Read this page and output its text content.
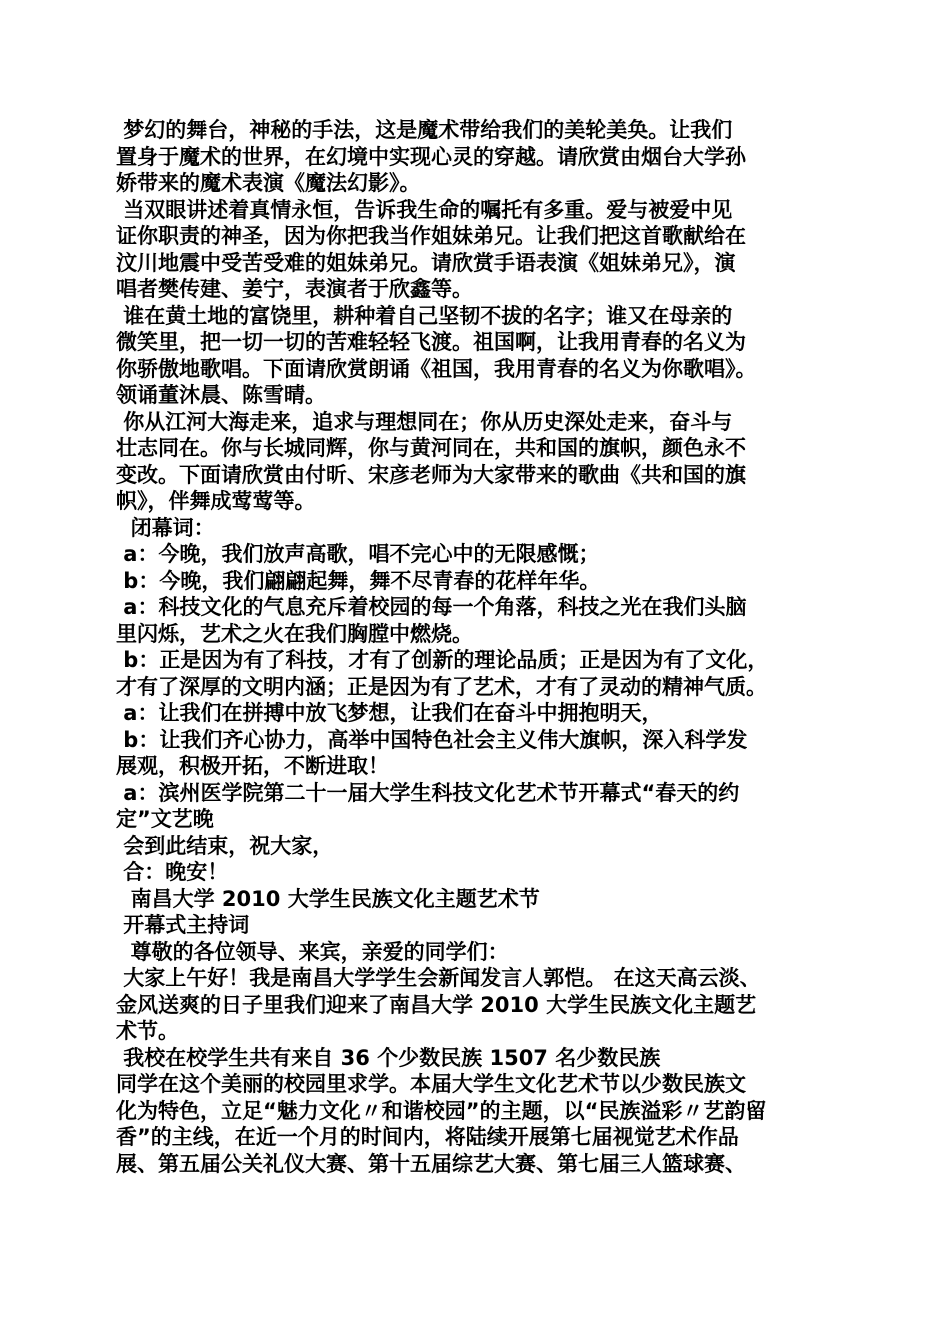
梦幻的舞台，神秘的手法，这是魔术带给我们的美轮美奂。让我们
置身于魔术的世界，在幻境中实现心灵的穿越。请欣赏由烟台大学孙
娇带来的魔术表演《魔法幻影》。
当双眼讲述着真情永恒，告诉我生命的嘱托有多重。爱与被爱中见
证你职责的神圣，因为你把我当作姐妹弟兄。让我们把这首歌献给在
汶川地震中受苦受难的姐妹弟兄。请欣赏手语表演《姐妹弟兄》，演
唱者樊传建、姜宁，表演者于欣鑫等。
谁在黄土地的富饶里，耕种着自己坚韧不拔的名字；谁又在母亲的
微笑里，把一切一切的苦难轻轻飞渡。祖国啊，让我用青春的名义为
你骄傲地歌唱。下面请欣赏朗诵《祖国，我用青春的名义为你歌唱》。
领诵董沐晨、陈雪晴。
你从江河大海走来，追求与理想同在；你从历史深处走来，奋斗与
壮志同在。你与长城同辉，你与黄河同在，共和国的旗帜，颜色永不
变改。下面请欣赏由付昕、宋彦老师为大家带来的歌曲《共和国的旗
帜》，伴舞成莺莺等。
闭幕词：
a：今晚，我们放声高歌，唱不完心中的无限感慨；
b：今晚，我们翩翩起舞，舞不尽青春的花样年华。
a：科技文化的气息充斥着校园的每一个角落，科技之光在我们头脑
里闪烁，艺术之火在我们胸膛中燃烧。
b：正是因为有了科技，才有了创新的理论品质；正是因为有了文化，
才有了深厚的文明内涵；正是因为有了艺术，才有了灵动的精神气质。
a：让我们在拼搏中放飞梦想，让我们在奋斗中拥抱明天，
b：让我们齐心协力，高举中国特色社会主义伟大旗帜，深入科学发
展观，积极开拓，不断进取！
a：滨州医学院第二十一届大学生科技文化艺术节开幕式“春天的约
定”文艺晚
会到此结束，祝大家，
合：晚安！
南昌大学 2010 大学生民族文化主题艺术节
开幕式主持词
尊敬的各位领导、来宾，亲爱的同学们：
大家上午好！我是南昌大学学生会新闻发言人郭恺。 在这天高云淡、
金风送爽的日子里我们迎来了南昌大学 2010 大学生民族文化主题艺
术节。
我校在校学生共有来自 36 个少数民族 1507 名少数民族
同学在这个美丽的校园里求学。本届大学生文化艺术节以少数民族文
化为特色，立足“魅力文化〃和谐校园”的主题，以“民族溢彩〃艺韵留
香”的主线，在近一个月的时间内，将陆续开展第七届视觉艺术作品
展、第五届公关礼仪大赛、第十五届综艺大赛、第七届三人篮球赛、
